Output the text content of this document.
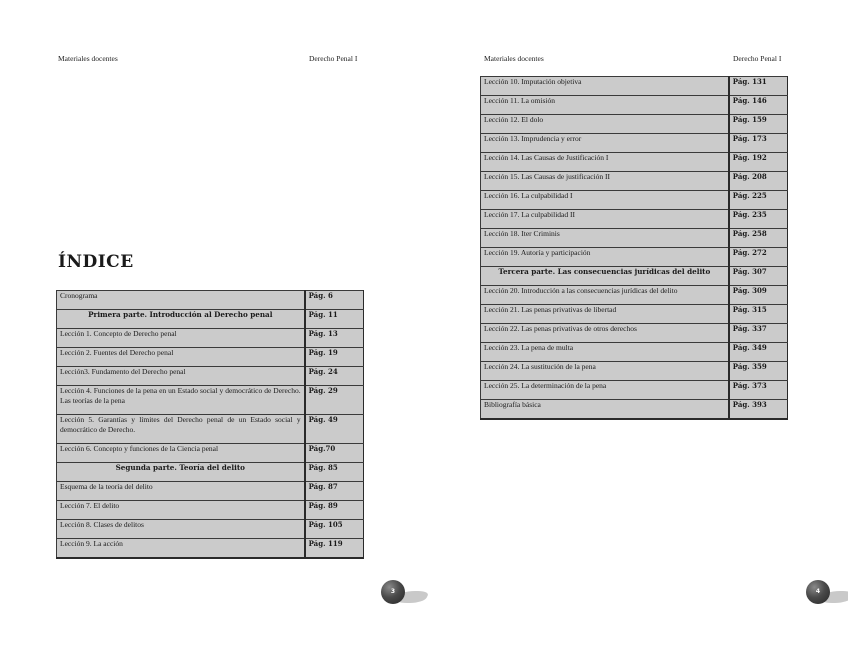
Materiales docentes	Derecho Penal I
ÍNDICE
Cronograma	Pág. 6
Primera parte. Introducción al Derecho penal	Pág. 11
Lección 1. Concepto de Derecho penal	Pág. 13
Lección 2. Fuentes del Derecho penal	Pág. 19
Lección3. Fundamento del Derecho penal	Pág. 24
Lección 4. Funciones de la pena en un Estado social y democrático de Derecho. Las teorías de la pena	Pág. 29
Lección 5. Garantías y límites del Derecho penal de un Estado social y democrático de Derecho.	Pág. 49
Lección 6. Concepto y funciones de la Ciencia penal	Pág.70
Segunda parte. Teoría del delito	Pág. 85
Esquema de la teoría del delito	Pág. 87
Lección 7. El delito	Pág. 89
Lección 8. Clases de delitos	Pág. 105
Lección 9. La acción	Pág. 119
3
Materiales docentes	Derecho Penal I
Lección 10. Imputación objetiva	Pág. 131
Lección 11. La omisión	Pág. 146
Lección 12. El dolo	Pág. 159
Lección 13. Imprudencia y error	Pág. 173
Lección 14. Las Causas de Justificación I	Pág. 192
Lección 15. Las Causas de justificación II	Pág. 208
Lección 16. La culpabilidad I	Pág. 225
Lección 17. La culpabilidad II	Pág. 235
Lección 18. Iter Criminis	Pág. 258
Lección 19. Autoría y participación	Pág. 272
Tercera parte. Las consecuencias jurídicas del delito	Pág. 307
Lección 20. Introducción a las consecuencias jurídicas del delito	Pág. 309
Lección 21. Las penas privativas de libertad	Pág. 315
Lección 22. Las penas privativas de otros derechos	Pág. 337
Lección 23. La pena de multa	Pág. 349
Lección 24. La sustitución de la pena	Pág. 359
Lección 25. La determinación de la pena	Pág. 373
Bibliografía básica	Pág. 393
4
